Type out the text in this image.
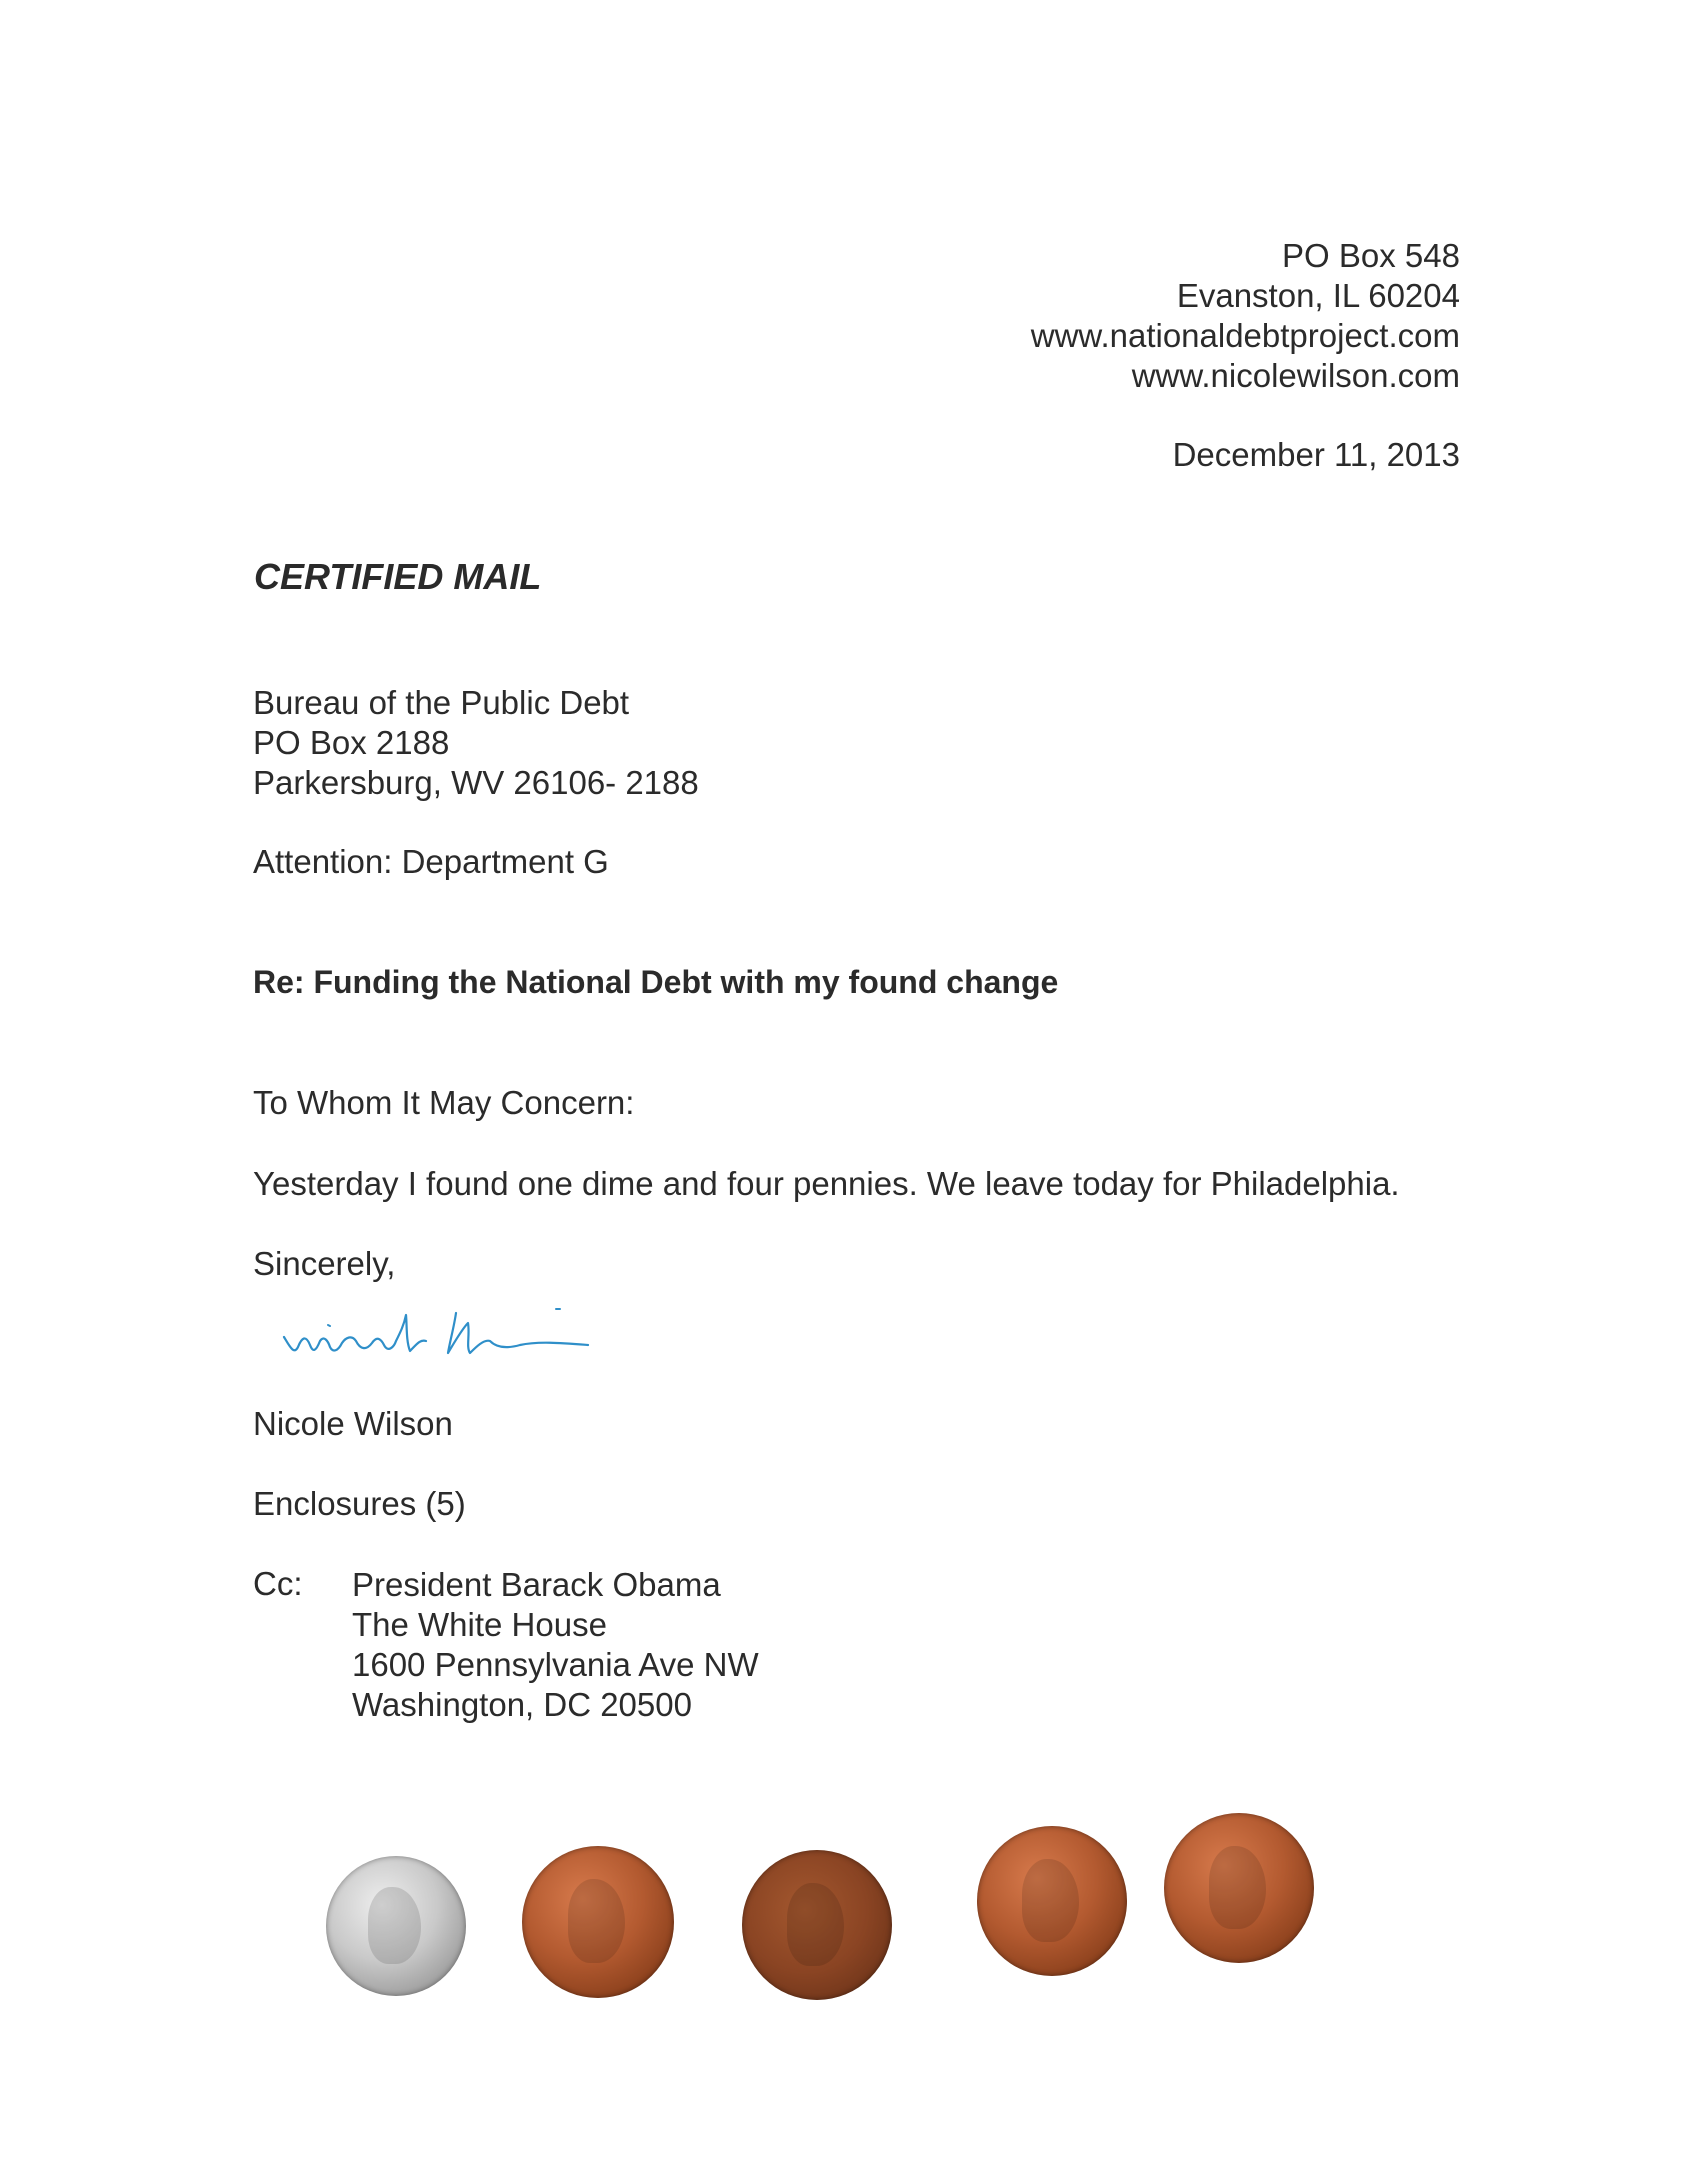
PO Box 548
Evanston, IL 60204
www.nationaldebtproject.com
www.nicolewilson.com
December 11, 2013
CERTIFIED MAIL
Bureau of the Public Debt
PO Box 2188
Parkersburg, WV 26106- 2188
Attention: Department G
Re: Funding the National Debt with my found change
To Whom It May Concern:
Yesterday I found one dime and four pennies. We leave today for Philadelphia.
Sincerely,
Nicole Wilson
Enclosures (5)
Cc: President Barack Obama
The White House
1600 Pennsylvania Ave NW
Washington, DC 20500
